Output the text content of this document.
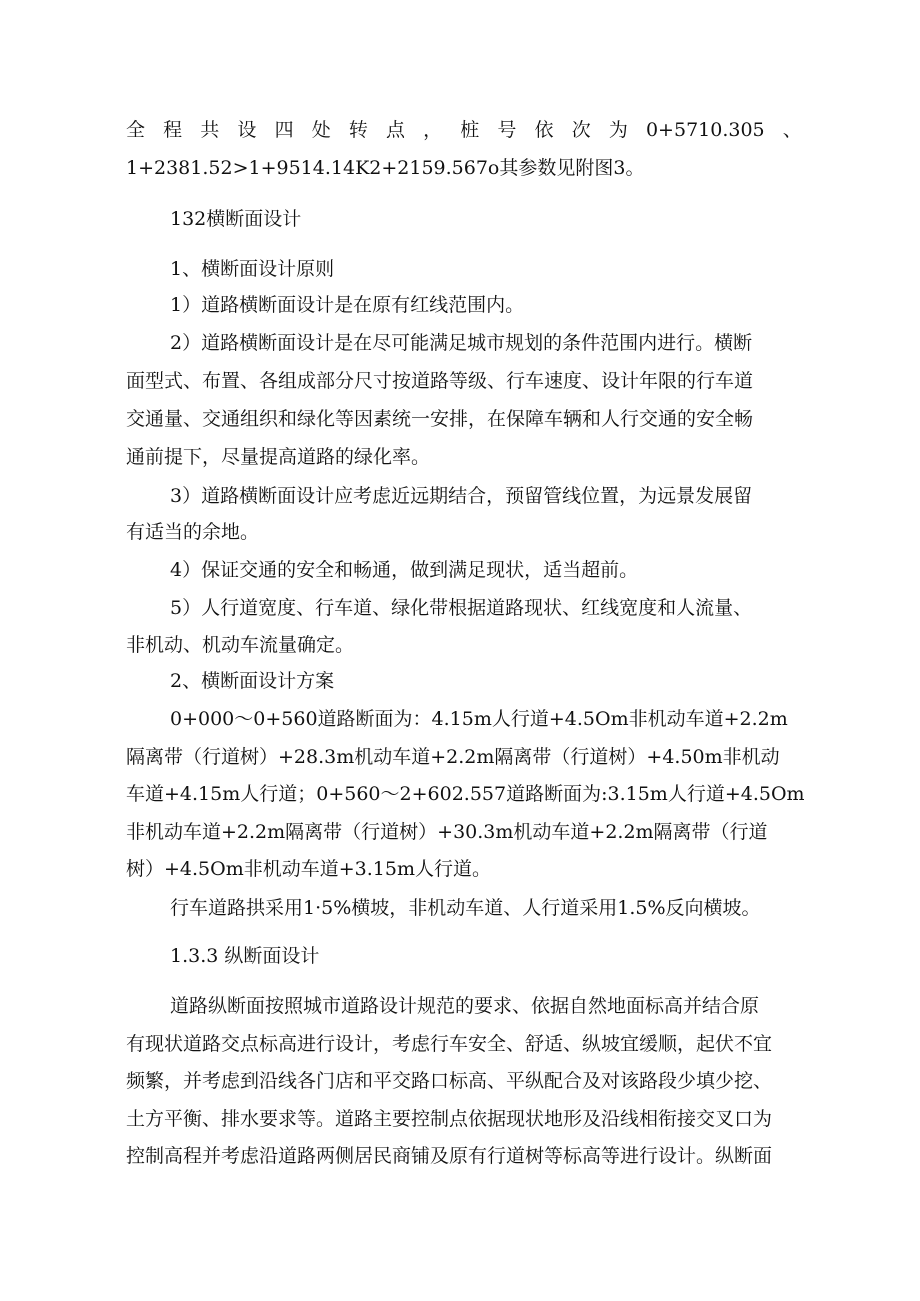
全 程 共 设 四 处 转 点 ， 桩 号 依 次 为 0+5710.305 、
1+2381.52>1+9514.14K2+2159.567o其参数见附图3。
132横断面设计
1、横断面设计原则
1）道路横断面设计是在原有红线范围内。
2）道路横断面设计是在尽可能满足城市规划的条件范围内进行。横断
面型式、布置、各组成部分尺寸按道路等级、行车速度、设计年限的行车道
交通量、交通组织和绿化等因素统一安排，在保障车辆和人行交通的安全畅
通前提下，尽量提高道路的绿化率。
3）道路横断面设计应考虑近远期结合，预留管线位置，为远景发展留
有适当的余地。
4）保证交通的安全和畅通，做到满足现状，适当超前。
5）人行道宽度、行车道、绿化带根据道路现状、红线宽度和人流量、
非机动、机动车流量确定。
2、横断面设计方案
0+000～0+560道路断面为：4.15m人行道+4.5Om非机动车道+2.2m
隔离带（行道树）+28.3m机动车道+2.2m隔离带（行道树）+4.50m非机动
车道+4.15m人行道；0+560～2+602.557道路断面为:3.15m人行道+4.5Om
非机动车道+2.2m隔离带（行道树）+30.3m机动车道+2.2m隔离带（行道
树）+4.5Om非机动车道+3.15m人行道。
行车道路拱采用1·5%横坡，非机动车道、人行道采用1.5%反向横坡。
1.3.3 纵断面设计
道路纵断面按照城市道路设计规范的要求、依据自然地面标高并结合原
有现状道路交点标高进行设计，考虑行车安全、舒适、纵坡宜缓顺，起伏不宜
频繁，并考虑到沿线各门店和平交路口标高、平纵配合及对该路段少填少挖、
土方平衡、排水要求等。道路主要控制点依据现状地形及沿线相衔接交叉口为
控制高程并考虑沿道路两侧居民商铺及原有行道树等标高等进行设计。纵断面
